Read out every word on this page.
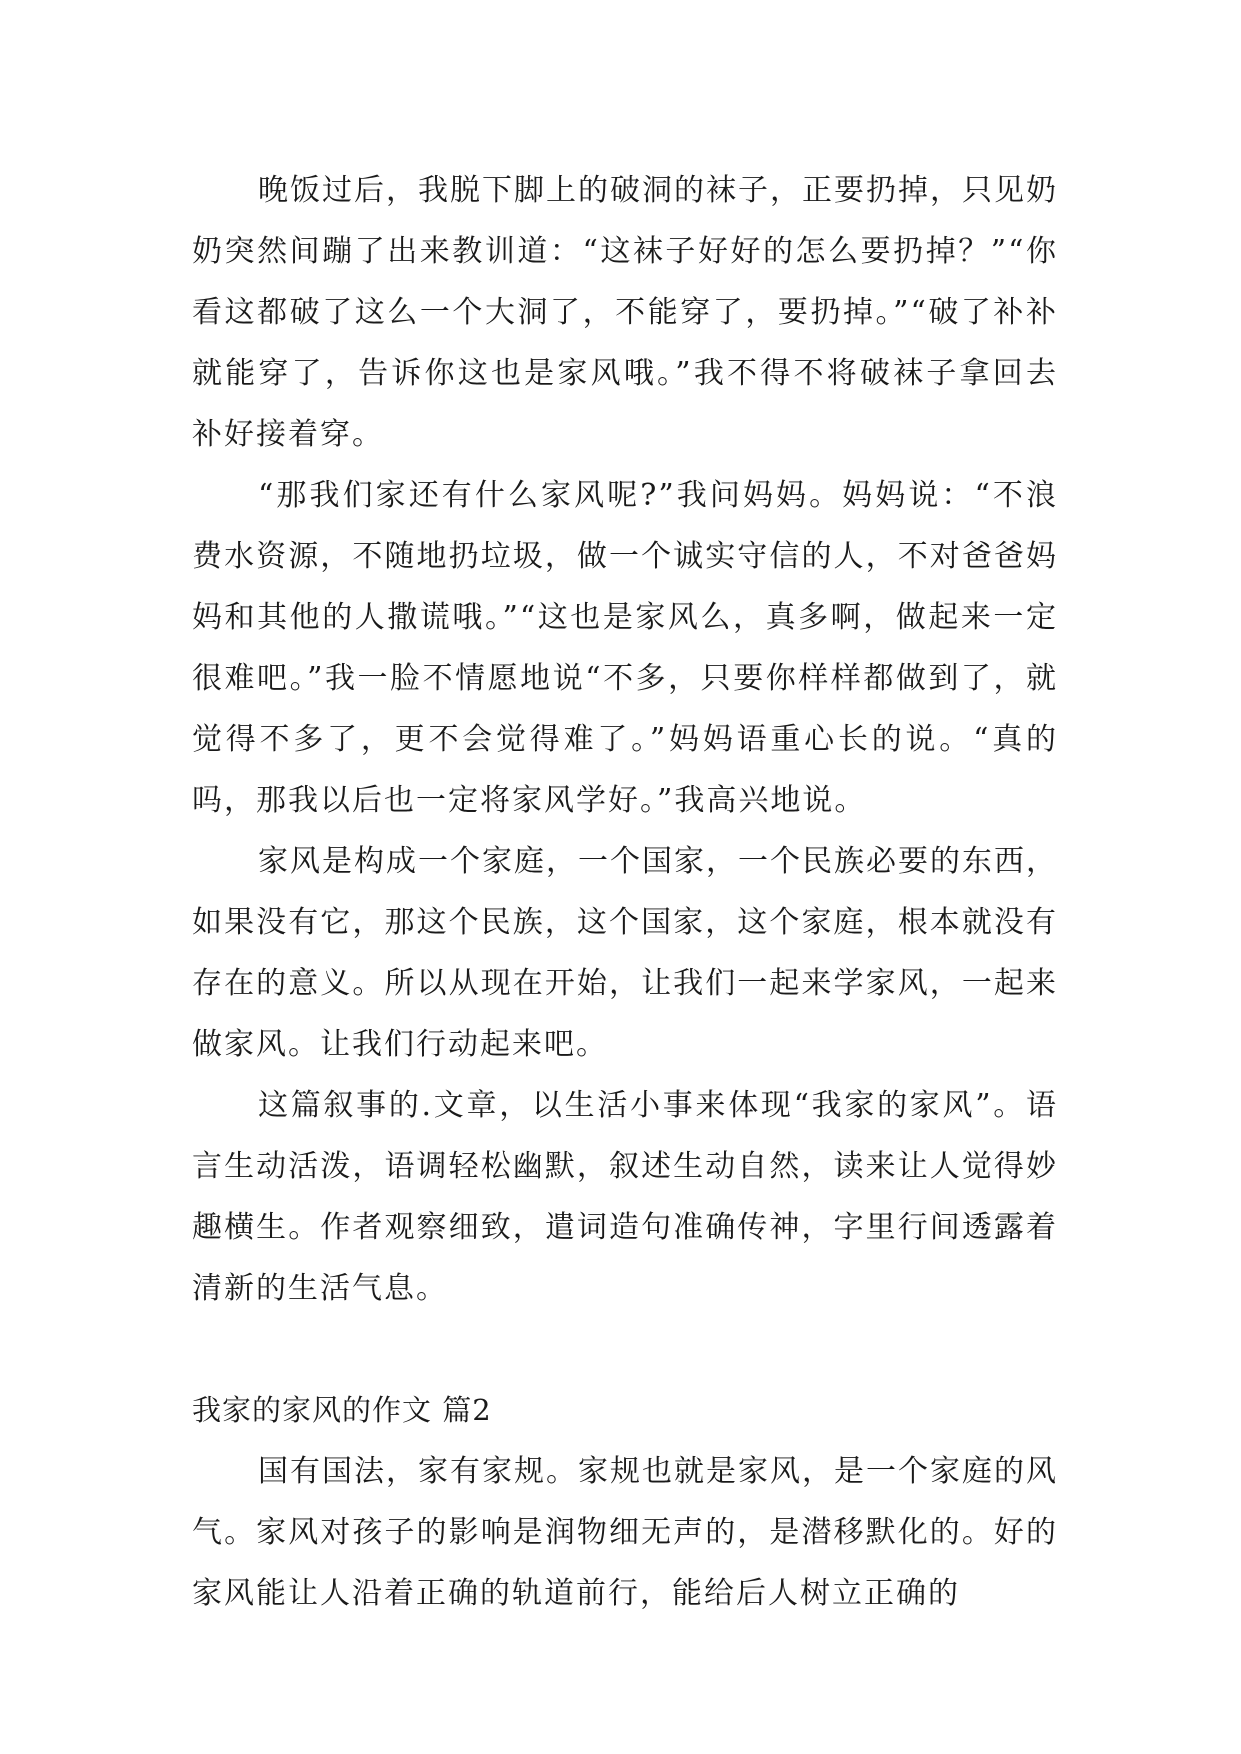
晚饭过后，我脱下脚上的破洞的袜子，正要扔掉，只见奶奶突然间蹦了出来教训道：“这袜子好好的怎么要扔掉？”“你看这都破了这么一个大洞了，不能穿了，要扔掉。”“破了补补就能穿了，告诉你这也是家风哦。”我不得不将破袜子拿回去补好接着穿。

“那我们家还有什么家风呢?”我问妈妈。妈妈说：“不浪费水资源，不随地扔垃圾，做一个诚实守信的人，不对爸爸妈妈和其他的人撒谎哦。”“这也是家风么，真多啊，做起来一定很难吧。”我一脸不情愿地说“不多，只要你样样都做到了，就觉得不多了，更不会觉得难了。”妈妈语重心长的说。“真的吗，那我以后也一定将家风学好。”我高兴地说。

家风是构成一个家庭，一个国家，一个民族必要的东西，如果没有它，那这个民族，这个国家，这个家庭，根本就没有存在的意义。所以从现在开始，让我们一起来学家风，一起来做家风。让我们行动起来吧。

这篇叙事的.文章，以生活小事来体现“我家的家风”。语言生动活泼，语调轻松幽默，叙述生动自然，读来让人觉得妙趣横生。作者观察细致，遣词造句准确传神，字里行间透露着清新的生活气息。

我家的家风的作文 篇2

国有国法，家有家规。家规也就是家风，是一个家庭的风气。家风对孩子的影响是润物细无声的，是潜移默化的。好的家风能让人沿着正确的轨道前行，能给后人树立正确的
